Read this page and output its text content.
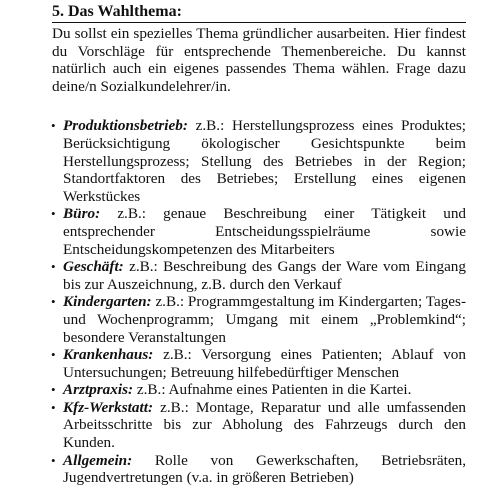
5. Das Wahlthema:

Du sollst ein spezielles Thema gründlicher ausarbeiten. Hier findest du Vorschläge für entsprechende Themenbereiche. Du kannst natürlich auch ein eigenes passendes Thema wählen. Frage dazu deine/n Sozialkundelehrer/in.

• Produktionsbetrieb: z.B.: Herstellungsprozess eines Produktes; Berücksichtigung ökologischer Gesichtspunkte beim Herstellungsprozess; Stellung des Betriebes in der Region; Standortfaktoren des Betriebes; Erstellung eines eigenen Werkstückes
• Büro: z.B.: genaue Beschreibung einer Tätigkeit und entsprechender Entscheidungsspielräume sowie Entscheidungskompetenzen des Mitarbeiters
• Geschäft: z.B.: Beschreibung des Gangs der Ware vom Eingang bis zur Auszeichnung, z.B. durch den Verkauf
• Kindergarten: z.B.: Programmgestaltung im Kindergarten; Tages- und Wochenprogramm; Umgang mit einem „Problemkind“; besondere Veranstaltungen
• Krankenhaus: z.B.: Versorgung eines Patienten; Ablauf von Untersuchungen; Betreuung hilfebedürftiger Menschen
• Arztpraxis: z.B.: Aufnahme eines Patienten in die Kartei.
• Kfz-Werkstatt: z.B.: Montage, Reparatur und alle umfassenden Arbeitsschritte bis zur Abholung des Fahrzeugs durch den Kunden.
• Allgemein: Rolle von Gewerkschaften, Betriebsräten, Jugendvertretungen (v.a. in größeren Betrieben)
